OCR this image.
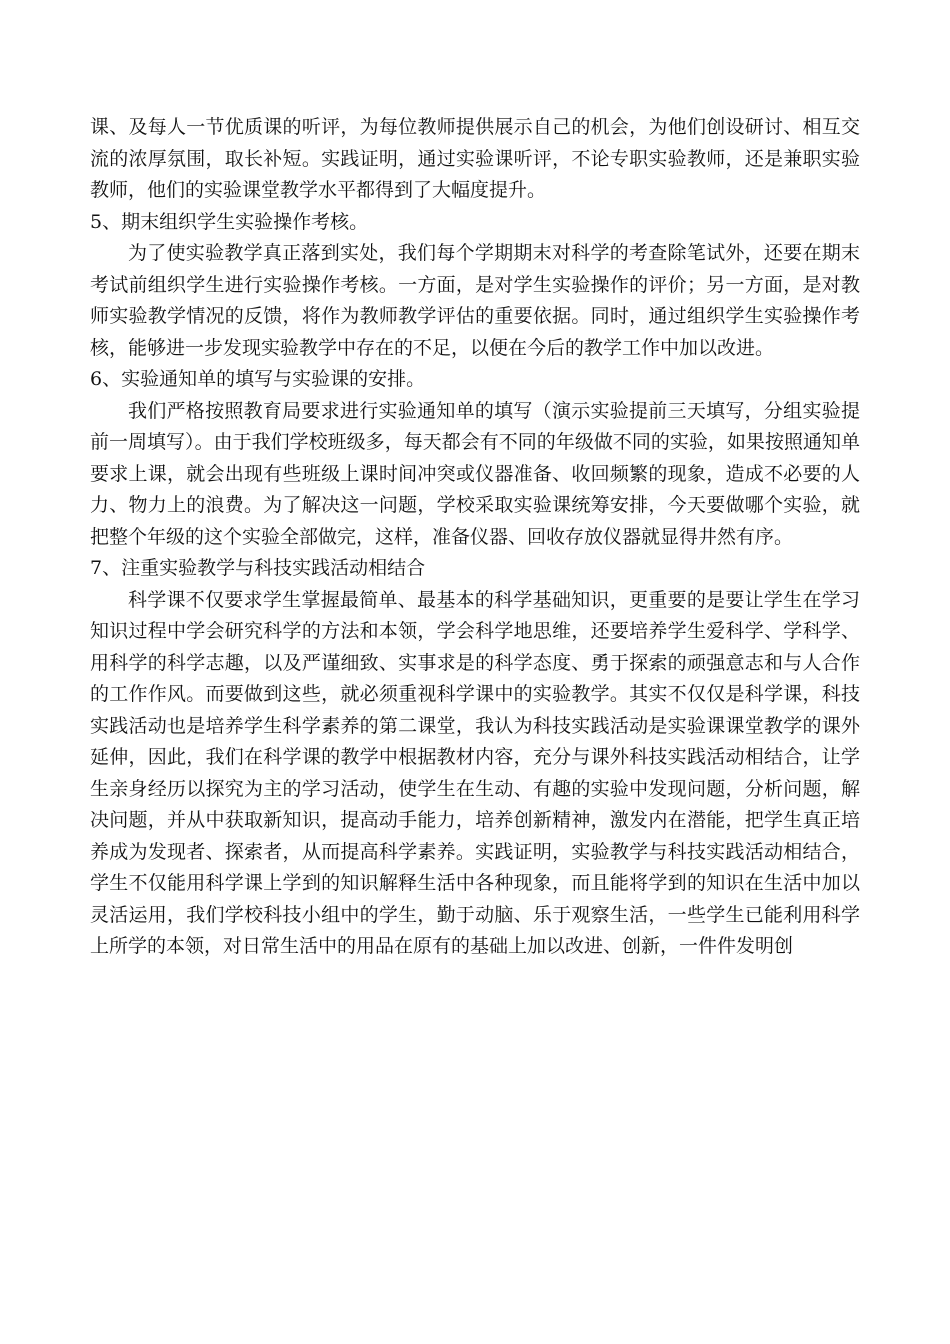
课、及每人一节优质课的听评，为每位教师提供展示自己的机会，为他们创设研讨、相互交流的浓厚氛围，取长补短。实践证明，通过实验课听评，不论专职实验教师，还是兼职实验教师，他们的实验课堂教学水平都得到了大幅度提升。

5、期末组织学生实验操作考核。

为了使实验教学真正落到实处，我们每个学期期末对科学的考查除笔试外，还要在期末考试前组织学生进行实验操作考核。一方面，是对学生实验操作的评价；另一方面，是对教师实验教学情况的反馈，将作为教师教学评估的重要依据。同时，通过组织学生实验操作考核，能够进一步发现实验教学中存在的不足，以便在今后的教学工作中加以改进。

6、实验通知单的填写与实验课的安排。

我们严格按照教育局要求进行实验通知单的填写（演示实验提前三天填写，分组实验提前一周填写）。由于我们学校班级多，每天都会有不同的年级做不同的实验，如果按照通知单要求上课，就会出现有些班级上课时间冲突或仪器准备、收回频繁的现象，造成不必要的人力、物力上的浪费。为了解决这一问题，学校采取实验课统筹安排，今天要做哪个实验，就把整个年级的这个实验全部做完，这样，准备仪器、回收存放仪器就显得井然有序。

7、注重实验教学与科技实践活动相结合

科学课不仅要求学生掌握最简单、最基本的科学基础知识，更重要的是要让学生在学习知识过程中学会研究科学的方法和本领，学会科学地思维，还要培养学生爱科学、学科学、用科学的科学志趣，以及严谨细致、实事求是的科学态度、勇于探索的顽强意志和与人合作的工作作风。而要做到这些，就必须重视科学课中的实验教学。其实不仅仅是科学课，科技实践活动也是培养学生科学素养的第二课堂，我认为科技实践活动是实验课课堂教学的课外延伸，因此，我们在科学课的教学中根据教材内容，充分与课外科技实践活动相结合，让学生亲身经历以探究为主的学习活动，使学生在生动、有趣的实验中发现问题，分析问题，解决问题，并从中获取新知识，提高动手能力，培养创新精神，激发内在潜能，把学生真正培养成为发现者、探索者，从而提高科学素养。实践证明，实验教学与科技实践活动相结合，学生不仅能用科学课上学到的知识解释生活中各种现象，而且能将学到的知识在生活中加以灵活运用，我们学校科技小组中的学生，勤于动脑、乐于观察生活，一些学生已能利用科学上所学的本领，对日常生活中的用品在原有的基础上加以改进、创新，一件件发明创
